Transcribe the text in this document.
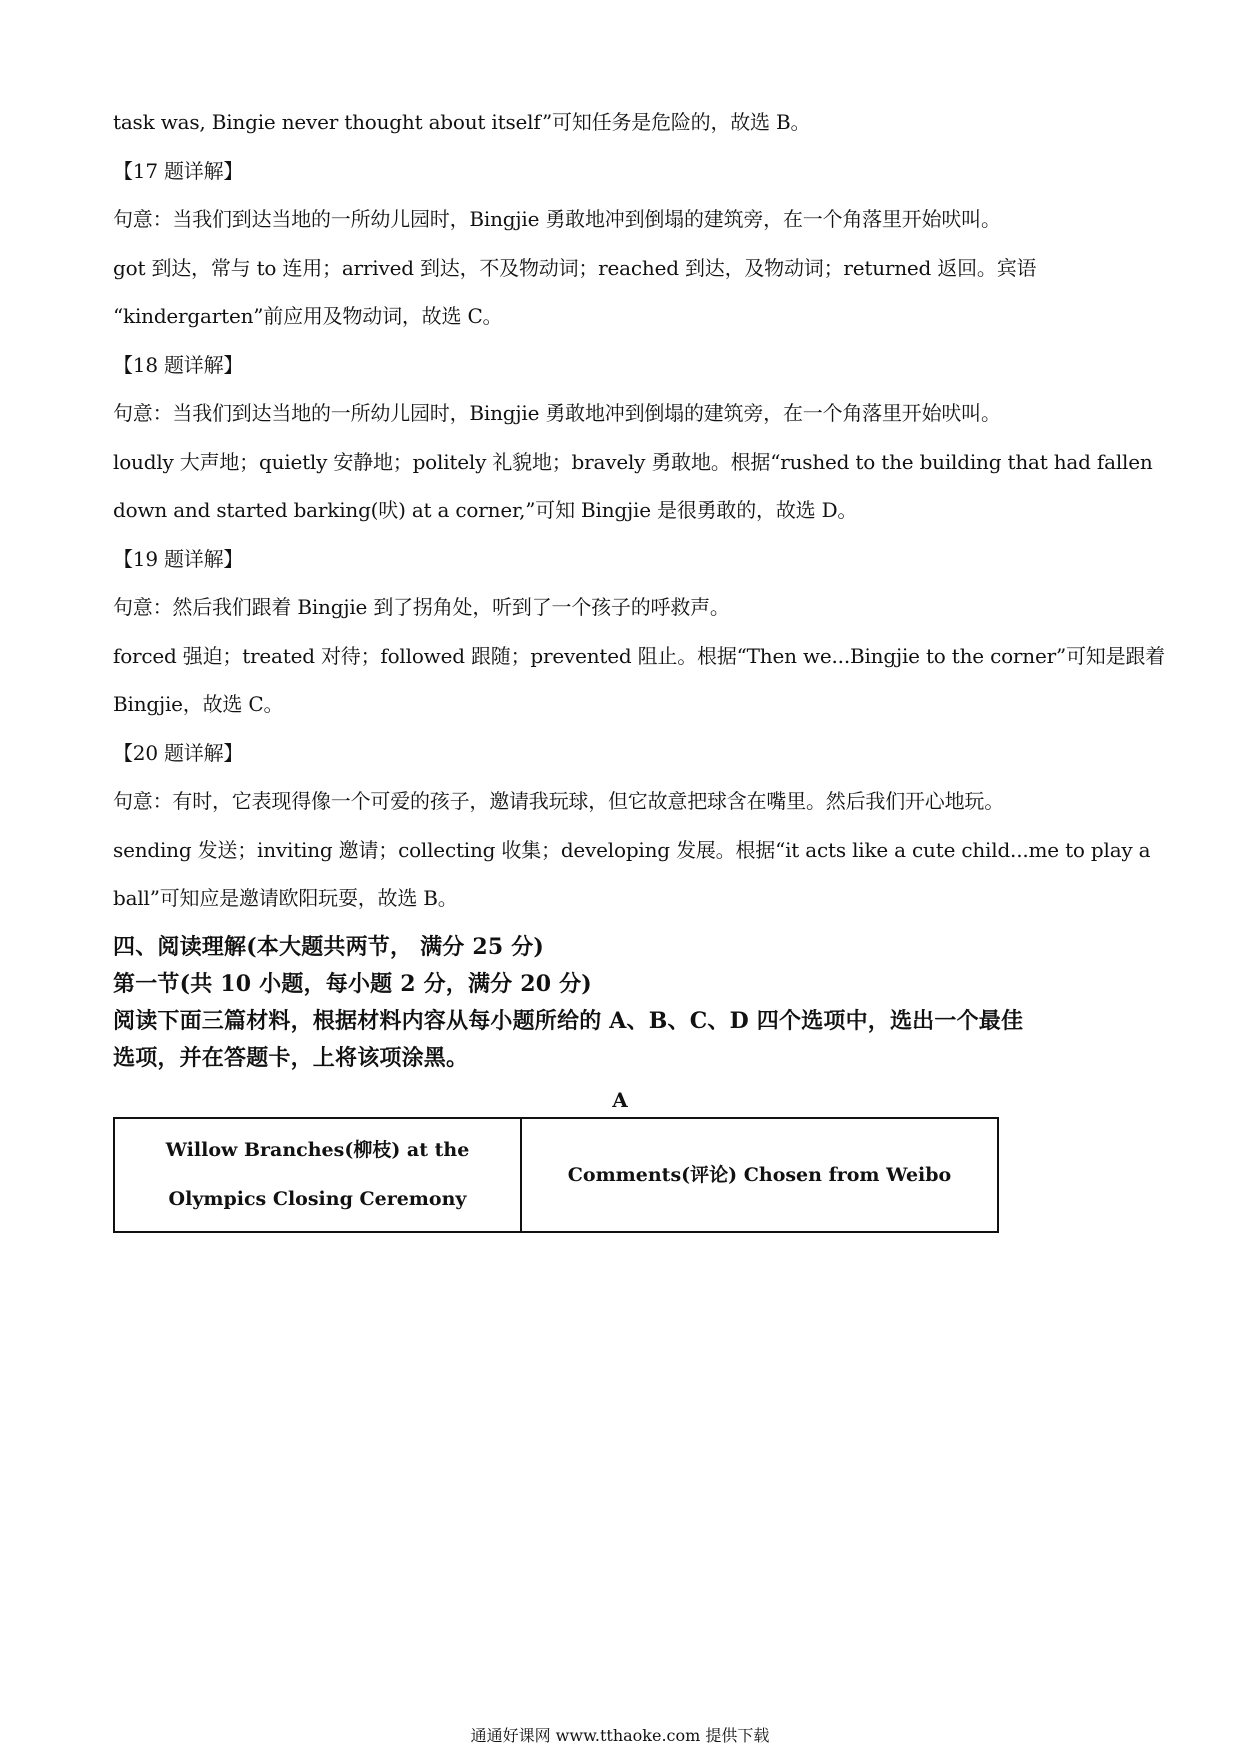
task was, Bingie never thought about itself”可知任务是危险的，故选 B。
【17 题详解】
句意：当我们到达当地的一所幼儿园时，Bingjie 勇敢地冲到倒塌的建筑旁，在一个角落里开始吠叫。
got 到达，常与 to 连用；arrived 到达，不及物动词；reached 到达，及物动词；returned 返回。宾语
“kindergarten”前应用及物动词，故选 C。
【18 题详解】
句意：当我们到达当地的一所幼儿园时，Bingjie 勇敢地冲到倒塌的建筑旁，在一个角落里开始吠叫。
loudly 大声地；quietly 安静地；politely 礼貌地；bravely 勇敢地。根据“rushed to the building that had fallen
down and started barking(吠) at a corner,”可知 Bingjie 是很勇敢的，故选 D。
【19 题详解】
句意：然后我们跟着 Bingjie 到了拐角处，听到了一个孩子的呼救声。
forced 强迫；treated 对待；followed 跟随；prevented 阻止。根据“Then we...Bingjie to the corner”可知是跟着
Bingjie，故选 C。
【20 题详解】
句意：有时，它表现得像一个可爱的孩子，邀请我玩球，但它故意把球含在嘴里。然后我们开心地玩。
sending 发送；inviting 邀请；collecting 收集；developing 发展。根据“it acts like a cute child...me to play a
ball”可知应是邀请欧阳玩耍，故选 B。
四、阅读理解(本大题共两节， 满分 25 分)
第一节(共 10 小题，每小题 2 分，满分 20 分)
阅读下面三篇材料，根据材料内容从每小题所给的 A、B、C、D 四个选项中，选出一个最佳
选项，并在答题卡，上将该项涂黑。
A
Willow Branches(柳枝) at the
Olympics Closing Ceremony
	Comments(评论) Chosen from Weibo
通通好课网 www.tthaoke.com 提供下载
